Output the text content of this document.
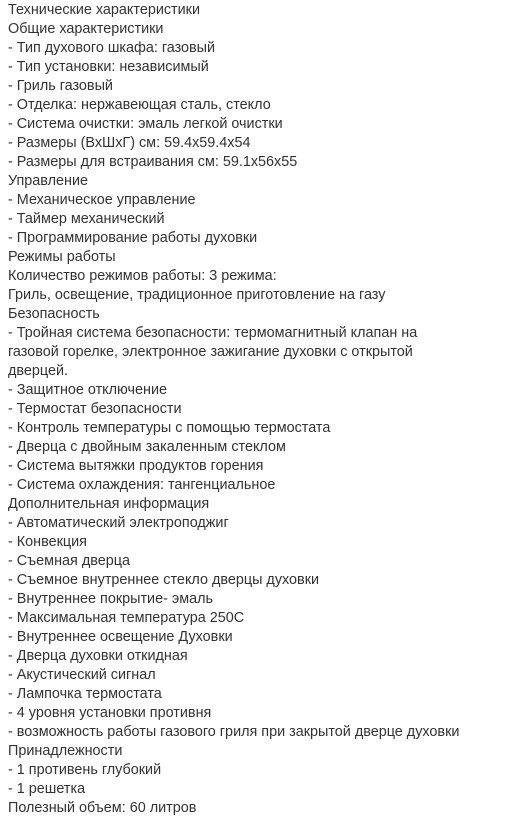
Технические характеристики
Общие характеристики
- Тип духового шкафа: газовый
- Тип установки: независимый
- Гриль газовый
- Отделка: нержавеющая сталь, стекло
- Система очистки: эмаль легкой очистки
- Размеры (ВхШхГ) см: 59.4x59.4x54
- Размеры для встраивания см: 59.1x56x55
Управление
- Механическое управление
- Таймер механический
- Программирование работы духовки
Режимы работы
Количество режимов работы: 3 режима:
Гриль, освещение, традиционное приготовление на газу
Безопасность
- Тройная система безопасности: термомагнитный клапан на газовой горелке, электронное зажигание духовки с открытой дверцей.
- Защитное отключение
- Термостат безопасности
- Контроль температуры с помощью термостата
- Дверца с двойным закаленным стеклом
- Система вытяжки продуктов горения
- Система охлаждения: тангенциальное
Дополнительная информация
- Автоматический электроподжиг
- Конвекция
- Съемная дверца
- Съемное внутреннее стекло дверцы духовки
- Внутреннее покрытие- эмаль
- Максимальная температура 250С
- Внутреннее освещение Духовки
- Дверца духовки откидная
- Акустический сигнал
- Лампочка термостата
- 4 уровня установки противня
- возможность работы газового гриля при закрытой дверце духовки
Принадлежности
- 1 противень глубокий
- 1 решетка
Полезный объем: 60 литров
